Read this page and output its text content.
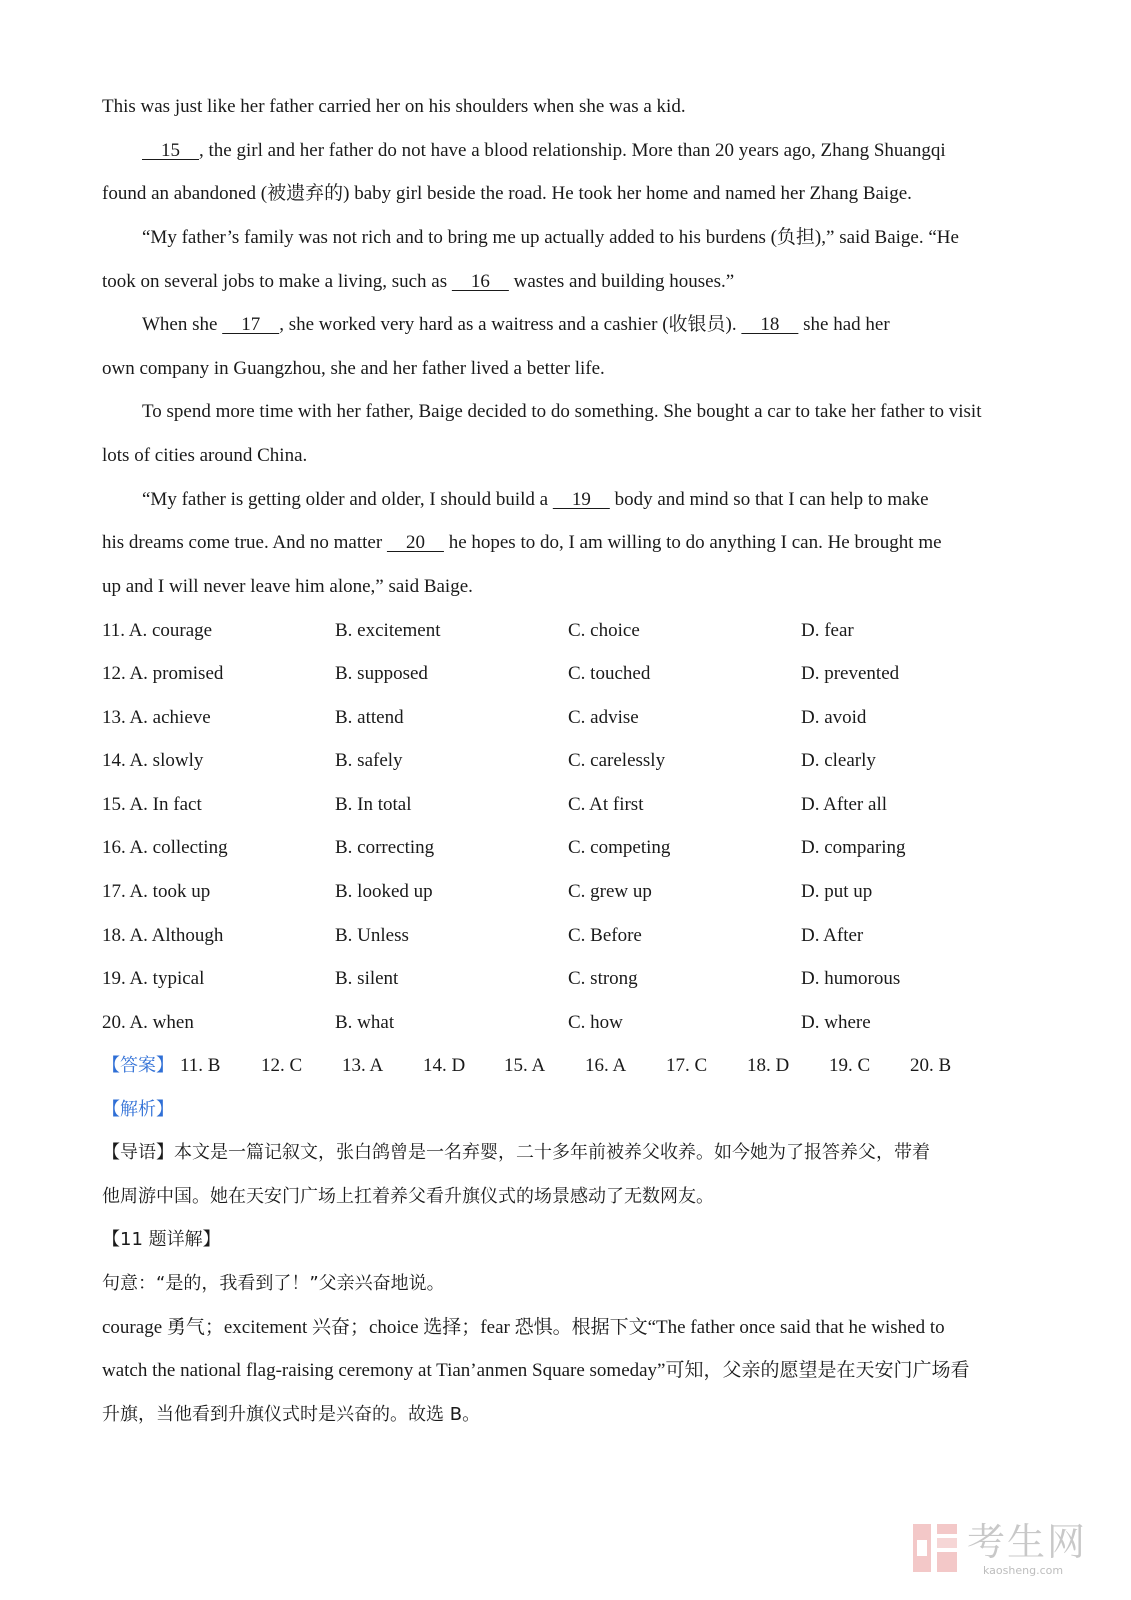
This was just like her father carried her on his shoulders when she was a kid.
15    , the girl and her father do not have a blood relationship. More than 20 years ago, Zhang Shuangqi
found an abandoned (被遗弃的) baby girl beside the road. He took her home and named her Zhang Baige.
“My father’s family was not rich and to bring me up actually added to his burdens (负担),” said Baige. “He
took on several jobs to make a living, such as     16     wastes and building houses.”
When she     17    , she worked very hard as a waitress and a cashier (收银员).     18     she had her
own company in Guangzhou, she and her father lived a better life.
To spend more time with her father, Baige decided to do something. She bought a car to take her father to visit
lots of cities around China.
“My father is getting older and older, I should build a     19     body and mind so that I can help to make
his dreams come true. And no matter     20     he hopes to do, I am willing to do anything I can. He brought me
up and I will never leave him alone,” said Baige.
11. A. courage	B. excitement	C. choice	D. fear
12. A. promised	B. supposed	C. touched	D. prevented
13. A. achieve	B. attend	C. advise	D. avoid
14. A. slowly	B. safely	C. carelessly	D. clearly
15. A. In fact	B. In total	C. At first	D. After all
16. A. collecting	B. correcting	C. competing	D. comparing
17. A. took up	B. looked up	C. grew up	D. put up
18. A. Although	B. Unless	C. Before	D. After
19. A. typical	B. silent	C. strong	D. humorous
20. A. when	B. what	C. how	D. where
【答案】 11. B 12. C 13. A 14. D 15. A 16. A 17. C 18. D 19. C 20. B
【解析】
【导语】本文是一篇记叙文，张白鸽曾是一名弃婴，二十多年前被养父收养。如今她为了报答养父，带着
他周游中国。她在天安门广场上扛着养父看升旗仪式的场景感动了无数网友。
【11 题详解】
句意：“是的，我看到了！”父亲兴奋地说。
courage 勇气；excitement 兴奋；choice 选择；fear 恐惧。根据下文“The father once said that he wished to
watch the national flag-raising ceremony at Tian’anmen Square someday”可知，父亲的愿望是在天安门广场看
升旗，当他看到升旗仪式时是兴奋的。故选 B。
考生网
kaosheng.com
